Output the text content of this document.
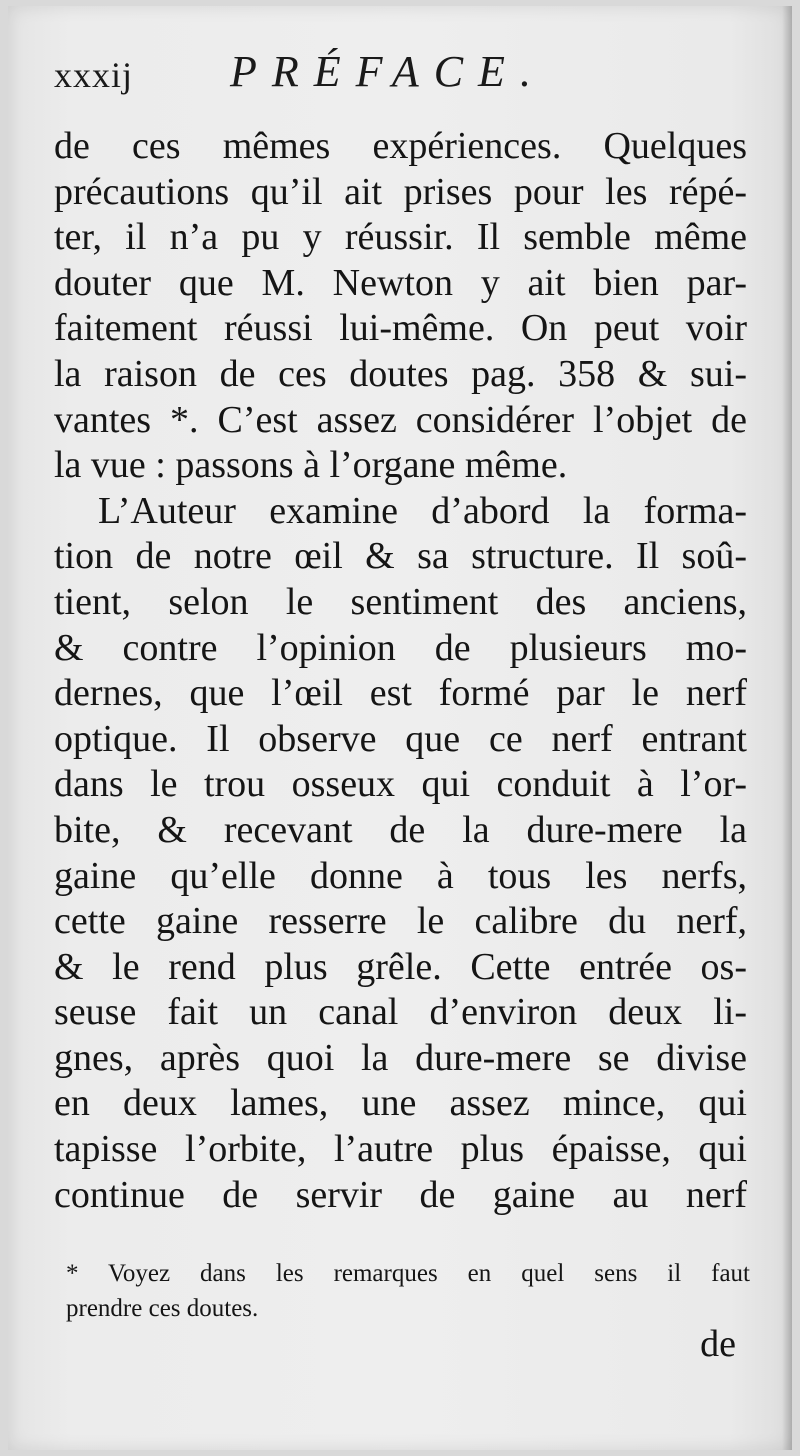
xxxij PRÉFACE.
de ces mêmes expériences. Quelques
précautions qu’il ait prises pour les répé-
ter, il n’a pu y réussir. Il semble même
douter que M. Newton y ait bien par-
faitement réussi lui-même. On peut voir
la raison de ces doutes pag. 358 & sui-
vantes *. C’est assez considérer l’objet de
la vue : passons à l’organe même.
L’Auteur examine d’abord la forma-
tion de notre œil & sa structure. Il soû-
tient, selon le sentiment des anciens,
& contre l’opinion de plusieurs mo-
dernes, que l’œil est formé par le nerf
optique. Il observe que ce nerf entrant
dans le trou osseux qui conduit à l’or-
bite, & recevant de la dure-mere la
gaine qu’elle donne à tous les nerfs,
cette gaine resserre le calibre du nerf,
& le rend plus grêle. Cette entrée os-
seuse fait un canal d’environ deux li-
gnes, après quoi la dure-mere se divise
en deux lames, une assez mince, qui
tapisse l’orbite, l’autre plus épaisse, qui
continue de servir de gaine au nerf
* Voyez dans les remarques en quel sens il faut
prendre ces doutes.
de
